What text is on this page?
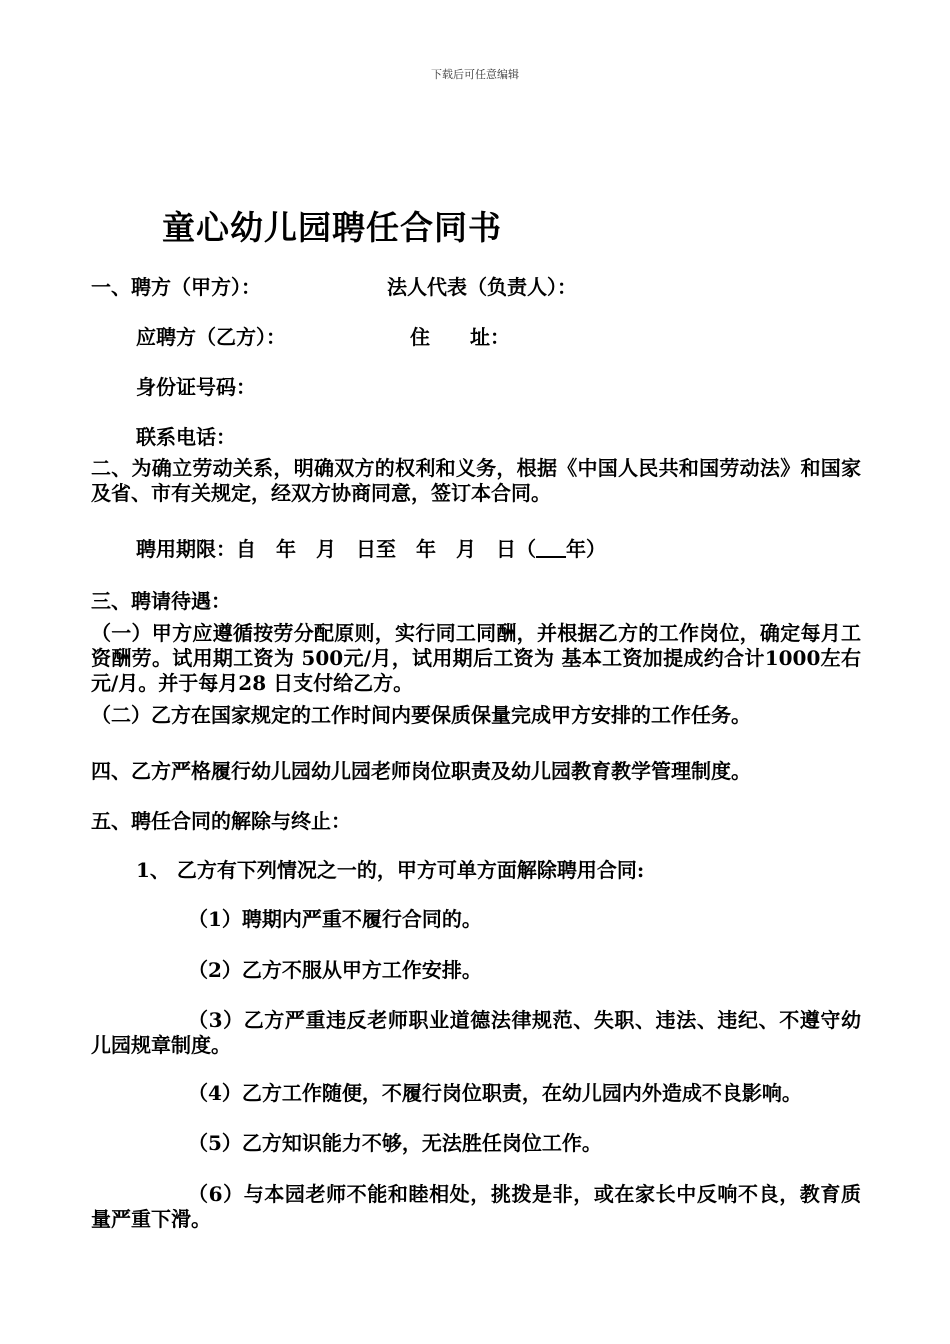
下载后可任意编辑
童心幼儿园聘任合同书
一、聘方（甲方）：	法人代表（负责人）：
应聘方（乙方）：	住　　址：
身份证号码：
联系电话：
二、为确立劳动关系，明确双方的权利和义务，根据《中国人民共和国劳动法》和国家及省、市有关规定，经双方协商同意，签订本合同。
聘用期限：自　年　月　日至　年　月　日（ 年）
三、聘请待遇：
（一）甲方应遵循按劳分配原则，实行同工同酬，并根据乙方的工作岗位，确定每月工资酬劳。试用期工资为 500元/月，试用期后工资为 基本工资加提成约合计1000左右元/月。并于每月28 日支付给乙方。
（二）乙方在国家规定的工作时间内要保质保量完成甲方安排的工作任务。
四、乙方严格履行幼儿园幼儿园老师岗位职责及幼儿园教育教学管理制度。
五、聘任合同的解除与终止：
1、 乙方有下列情况之一的，甲方可单方面解除聘用合同:
（1）聘期内严重不履行合同的。
（2）乙方不服从甲方工作安排。
（3）乙方严重违反老师职业道德法律规范、失职、违法、违纪、不遵守幼儿园规章制度。
（4）乙方工作随便，不履行岗位职责，在幼儿园内外造成不良影响。
（5）乙方知识能力不够，无法胜任岗位工作。
（6）与本园老师不能和睦相处，挑拨是非，或在家长中反响不良，教育质量严重下滑。
